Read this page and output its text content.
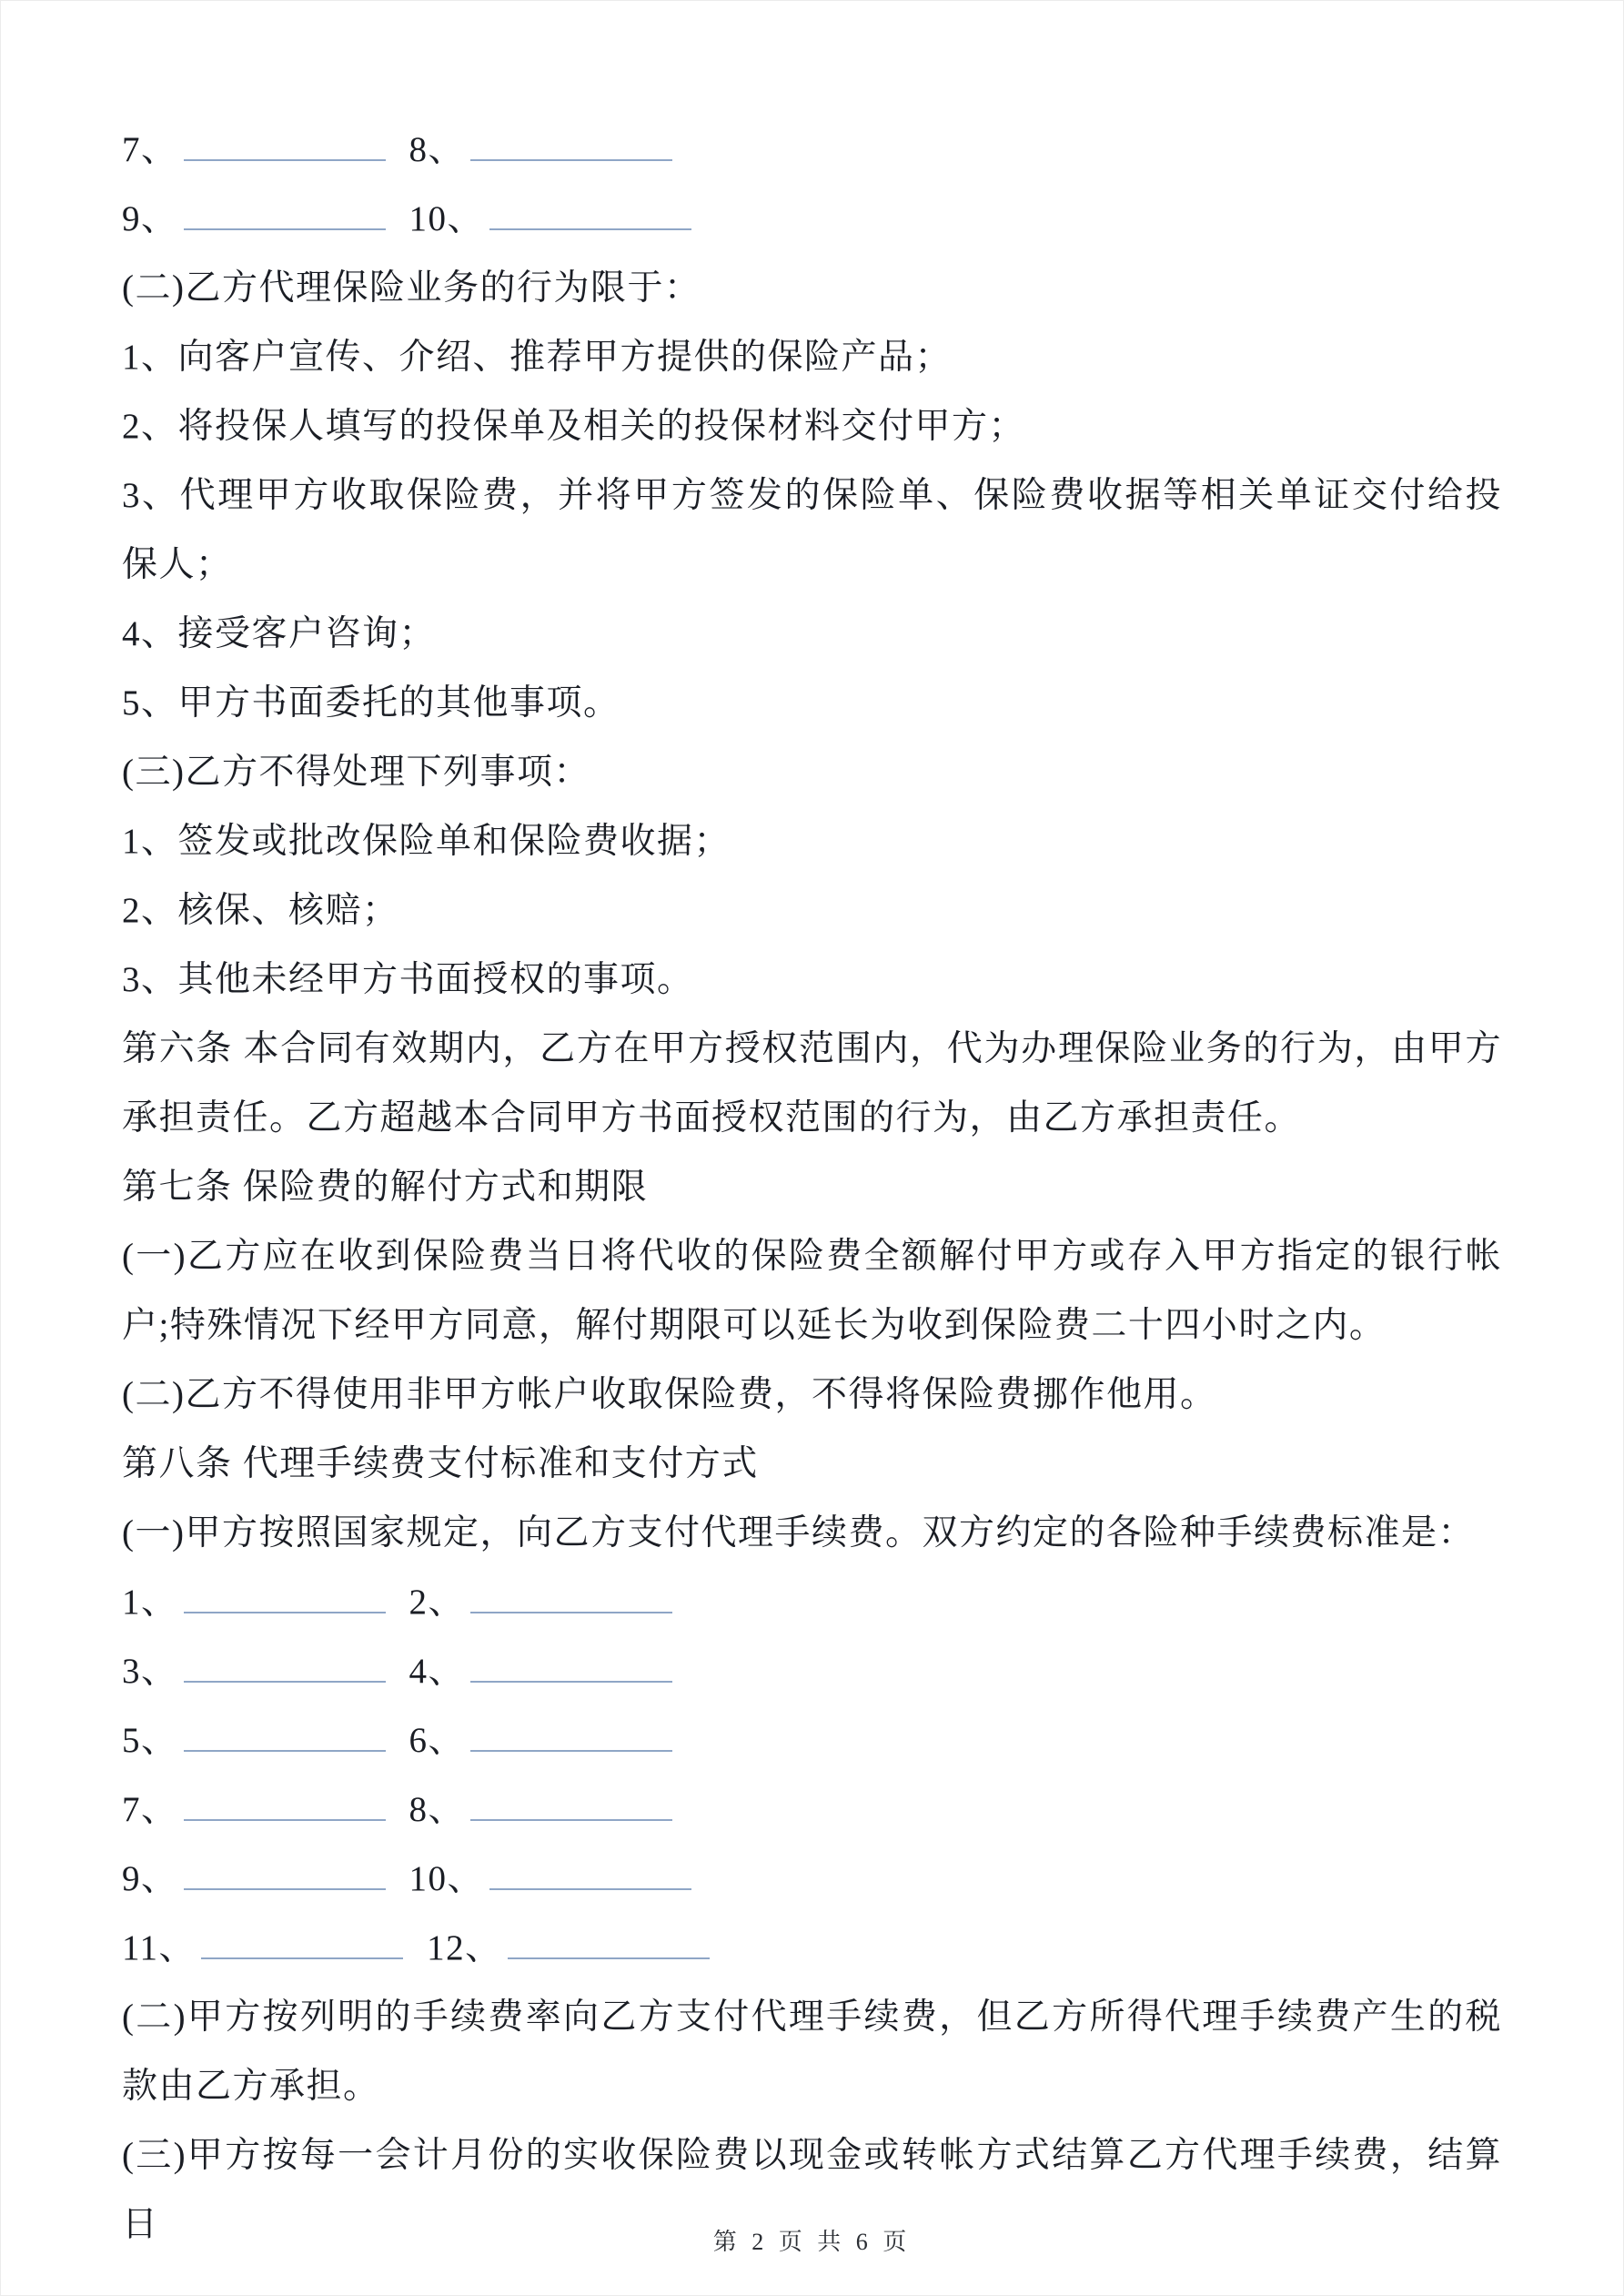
7、	8、

9、	10、

(二)乙方代理保险业务的行为限于：

1、向客户宣传、介绍、推荐甲方提供的保险产品；

2、将投保人填写的投保单及相关的投保材料交付甲方；

3、代理甲方收取保险费，并将甲方签发的保险单、保险费收据等相关单证交付给投保人；

4、接受客户咨询；

5、甲方书面委托的其他事项。

(三)乙方不得处理下列事项：

1、签发或批改保险单和保险费收据；

2、核保、核赔；

3、其他未经甲方书面授权的事项。

第六条 本合同有效期内，乙方在甲方授权范围内，代为办理保险业务的行为，由甲方承担责任。乙方超越本合同甲方书面授权范围的行为，由乙方承担责任。

第七条 保险费的解付方式和期限

(一)乙方应在收到保险费当日将代收的保险费全额解付甲方或存入甲方指定的银行帐户;特殊情况下经甲方同意，解付期限可以延长为收到保险费二十四小时之内。

(二)乙方不得使用非甲方帐户收取保险费，不得将保险费挪作他用。

第八条 代理手续费支付标准和支付方式

(一)甲方按照国家规定，向乙方支付代理手续费。双方约定的各险种手续费标准是：

1、	2、

3、	4、

5、	6、

7、	8、

9、	10、

11、	12、

(二)甲方按列明的手续费率向乙方支付代理手续费，但乙方所得代理手续费产生的税款由乙方承担。

(三)甲方按每一会计月份的实收保险费以现金或转帐方式结算乙方代理手续费，结算日	第 2 页 共 6 页
